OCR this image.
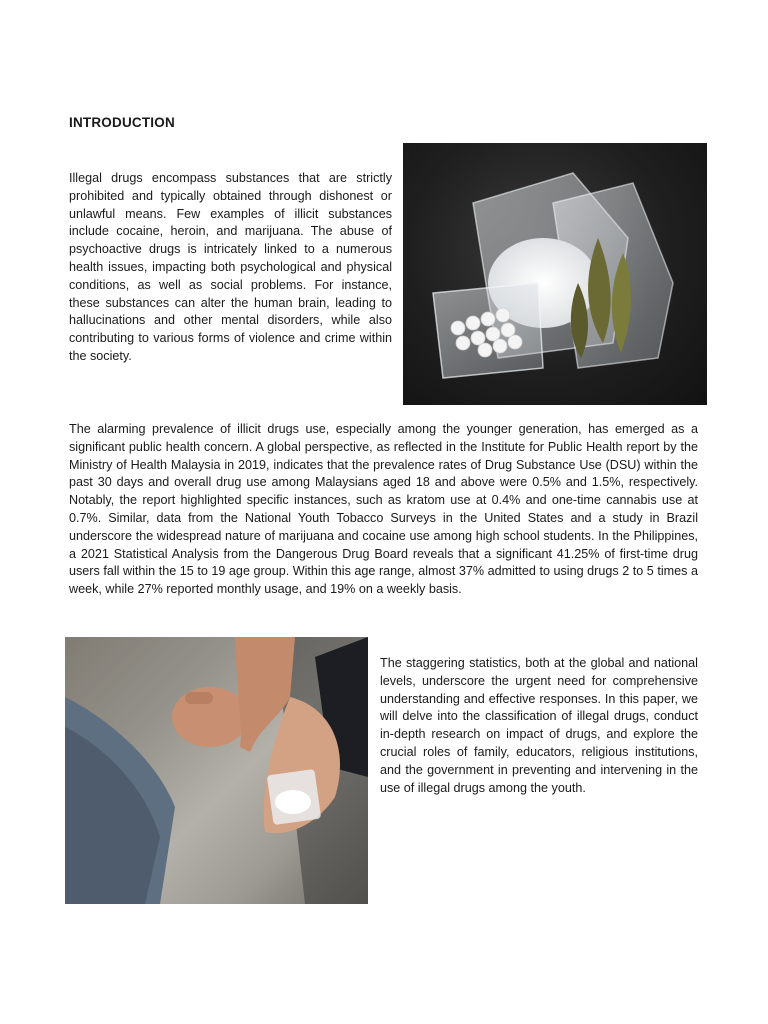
INTRODUCTION

Illegal drugs encompass substances that are strictly prohibited and typically obtained through dishonest or unlawful means. Few examples of illicit substances include cocaine, heroin, and marijuana. The abuse of psychoactive drugs is intricately linked to a numerous health issues, impacting both psychological and physical conditions, as well as social problems. For instance, these substances can alter the human brain, leading to hallucinations and other mental disorders, while also contributing to various forms of violence and crime within the society.

The alarming prevalence of illicit drugs use, especially among the younger generation, has emerged as a significant public health concern. A global perspective, as reflected in the Institute for Public Health report by the Ministry of Health Malaysia in 2019, indicates that the prevalence rates of Drug Substance Use (DSU) within the past 30 days and overall drug use among Malaysians aged 18 and above were 0.5% and 1.5%, respectively. Notably, the report highlighted specific instances, such as kratom use at 0.4% and one-time cannabis use at 0.7%. Similar, data from the National Youth Tobacco Surveys in the United States and a study in Brazil underscore the widespread nature of marijuana and cocaine use among high school students. In the Philippines, a 2021 Statistical Analysis from the Dangerous Drug Board reveals that a significant 41.25% of first-time drug users fall within the 15 to 19 age group. Within this age range, almost 37% admitted to using drugs 2 to 5 times a week, while 27% reported monthly usage, and 19% on a weekly basis.

The staggering statistics, both at the global and national levels, underscore the urgent need for comprehensive understanding and effective responses. In this paper, we will delve into the classification of illegal drugs, conduct in-depth research on impact of drugs, and explore the crucial roles of family, educators, religious institutions, and the government in preventing and intervening in the use of illegal drugs among the youth.
